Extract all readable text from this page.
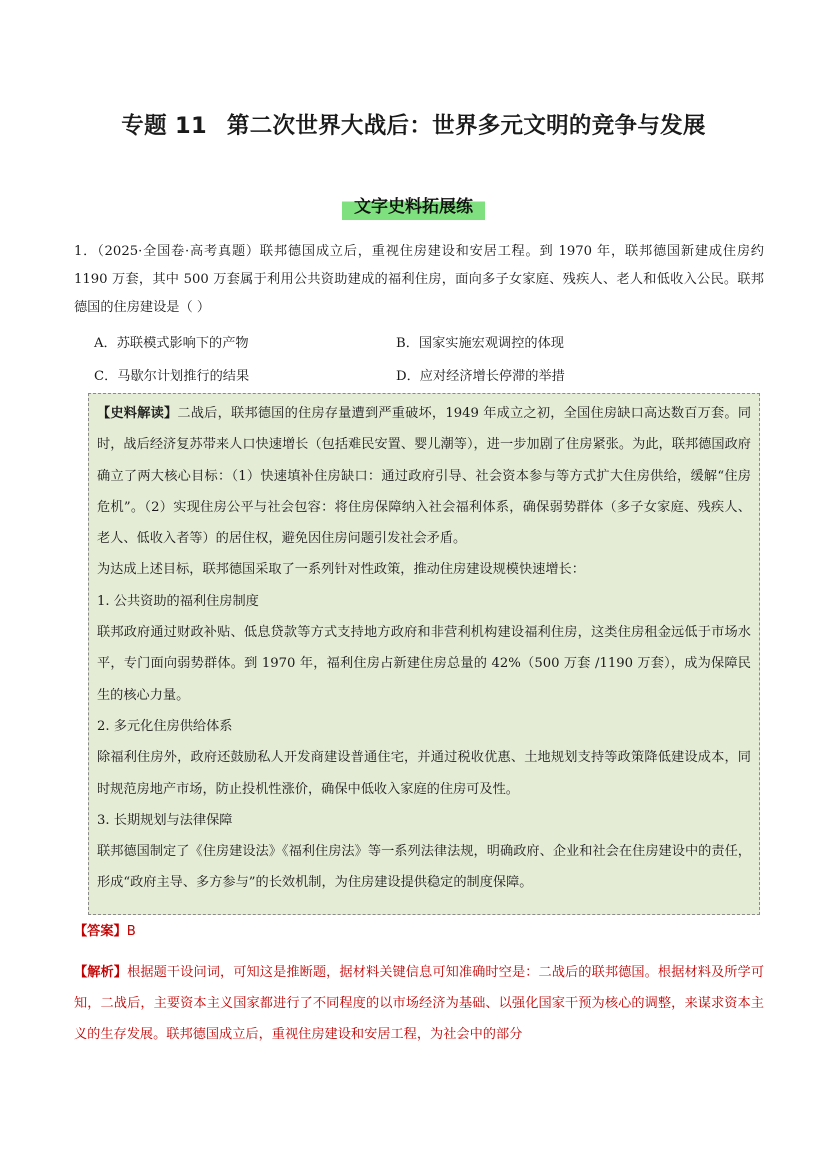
专题 11 第二次世界大战后：世界多元文明的竞争与发展
文字史料拓展练
1．（2025·全国卷·高考真题）联邦德国成立后，重视住房建设和安居工程。到 1970 年，联邦德国新建成住房约 1190 万套，其中 500 万套属于利用公共资助建成的福利住房，面向多子女家庭、残疾人、老人和低收入公民。联邦德国的住房建设是（ ）
A．苏联模式影响下的产物	B．国家实施宏观调控的体现
C．马歇尔计划推行的结果	D．应对经济增长停滞的举措

【史料解读】二战后，联邦德国的住房存量遭到严重破坏，1949 年成立之初，全国住房缺口高达数百万套。同时，战后经济复苏带来人口快速增长（包括难民安置、婴儿潮等），进一步加剧了住房紧张。为此，联邦德国政府确立了两大核心目标：（1）快速填补住房缺口：通过政府引导、社会资本参与等方式扩大住房供给，缓解“住房危机”。（2）实现住房公平与社会包容：将住房保障纳入社会福利体系，确保弱势群体（多子女家庭、残疾人、老人、低收入者等）的居住权，避免因住房问题引发社会矛盾。

为达成上述目标，联邦德国采取了一系列针对性政策，推动住房建设规模快速增长：

1. 公共资助的福利住房制度

联邦政府通过财政补贴、低息贷款等方式支持地方政府和非营利机构建设福利住房，这类住房租金远低于市场水平，专门面向弱势群体。到 1970 年，福利住房占新建住房总量的 42%（500 万套 /1190 万套），成为保障民生的核心力量。

2. 多元化住房供给体系

除福利住房外，政府还鼓励私人开发商建设普通住宅，并通过税收优惠、土地规划支持等政策降低建设成本，同时规范房地产市场，防止投机性涨价，确保中低收入家庭的住房可及性。

3. 长期规划与法律保障

联邦德国制定了《住房建设法》《福利住房法》等一系列法律法规，明确政府、企业和社会在住房建设中的责任，形成“政府主导、多方参与”的长效机制，为住房建设提供稳定的制度保障。

【答案】B
【解析】根据题干设问词，可知这是推断题，据材料关键信息可知准确时空是：二战后的联邦德国。根据材料及所学可知，二战后，主要资本主义国家都进行了不同程度的以市场经济为基础、以强化国家干预为核心的调整，来谋求资本主义的生存发展。联邦德国成立后，重视住房建设和安居工程，为社会中的部分
